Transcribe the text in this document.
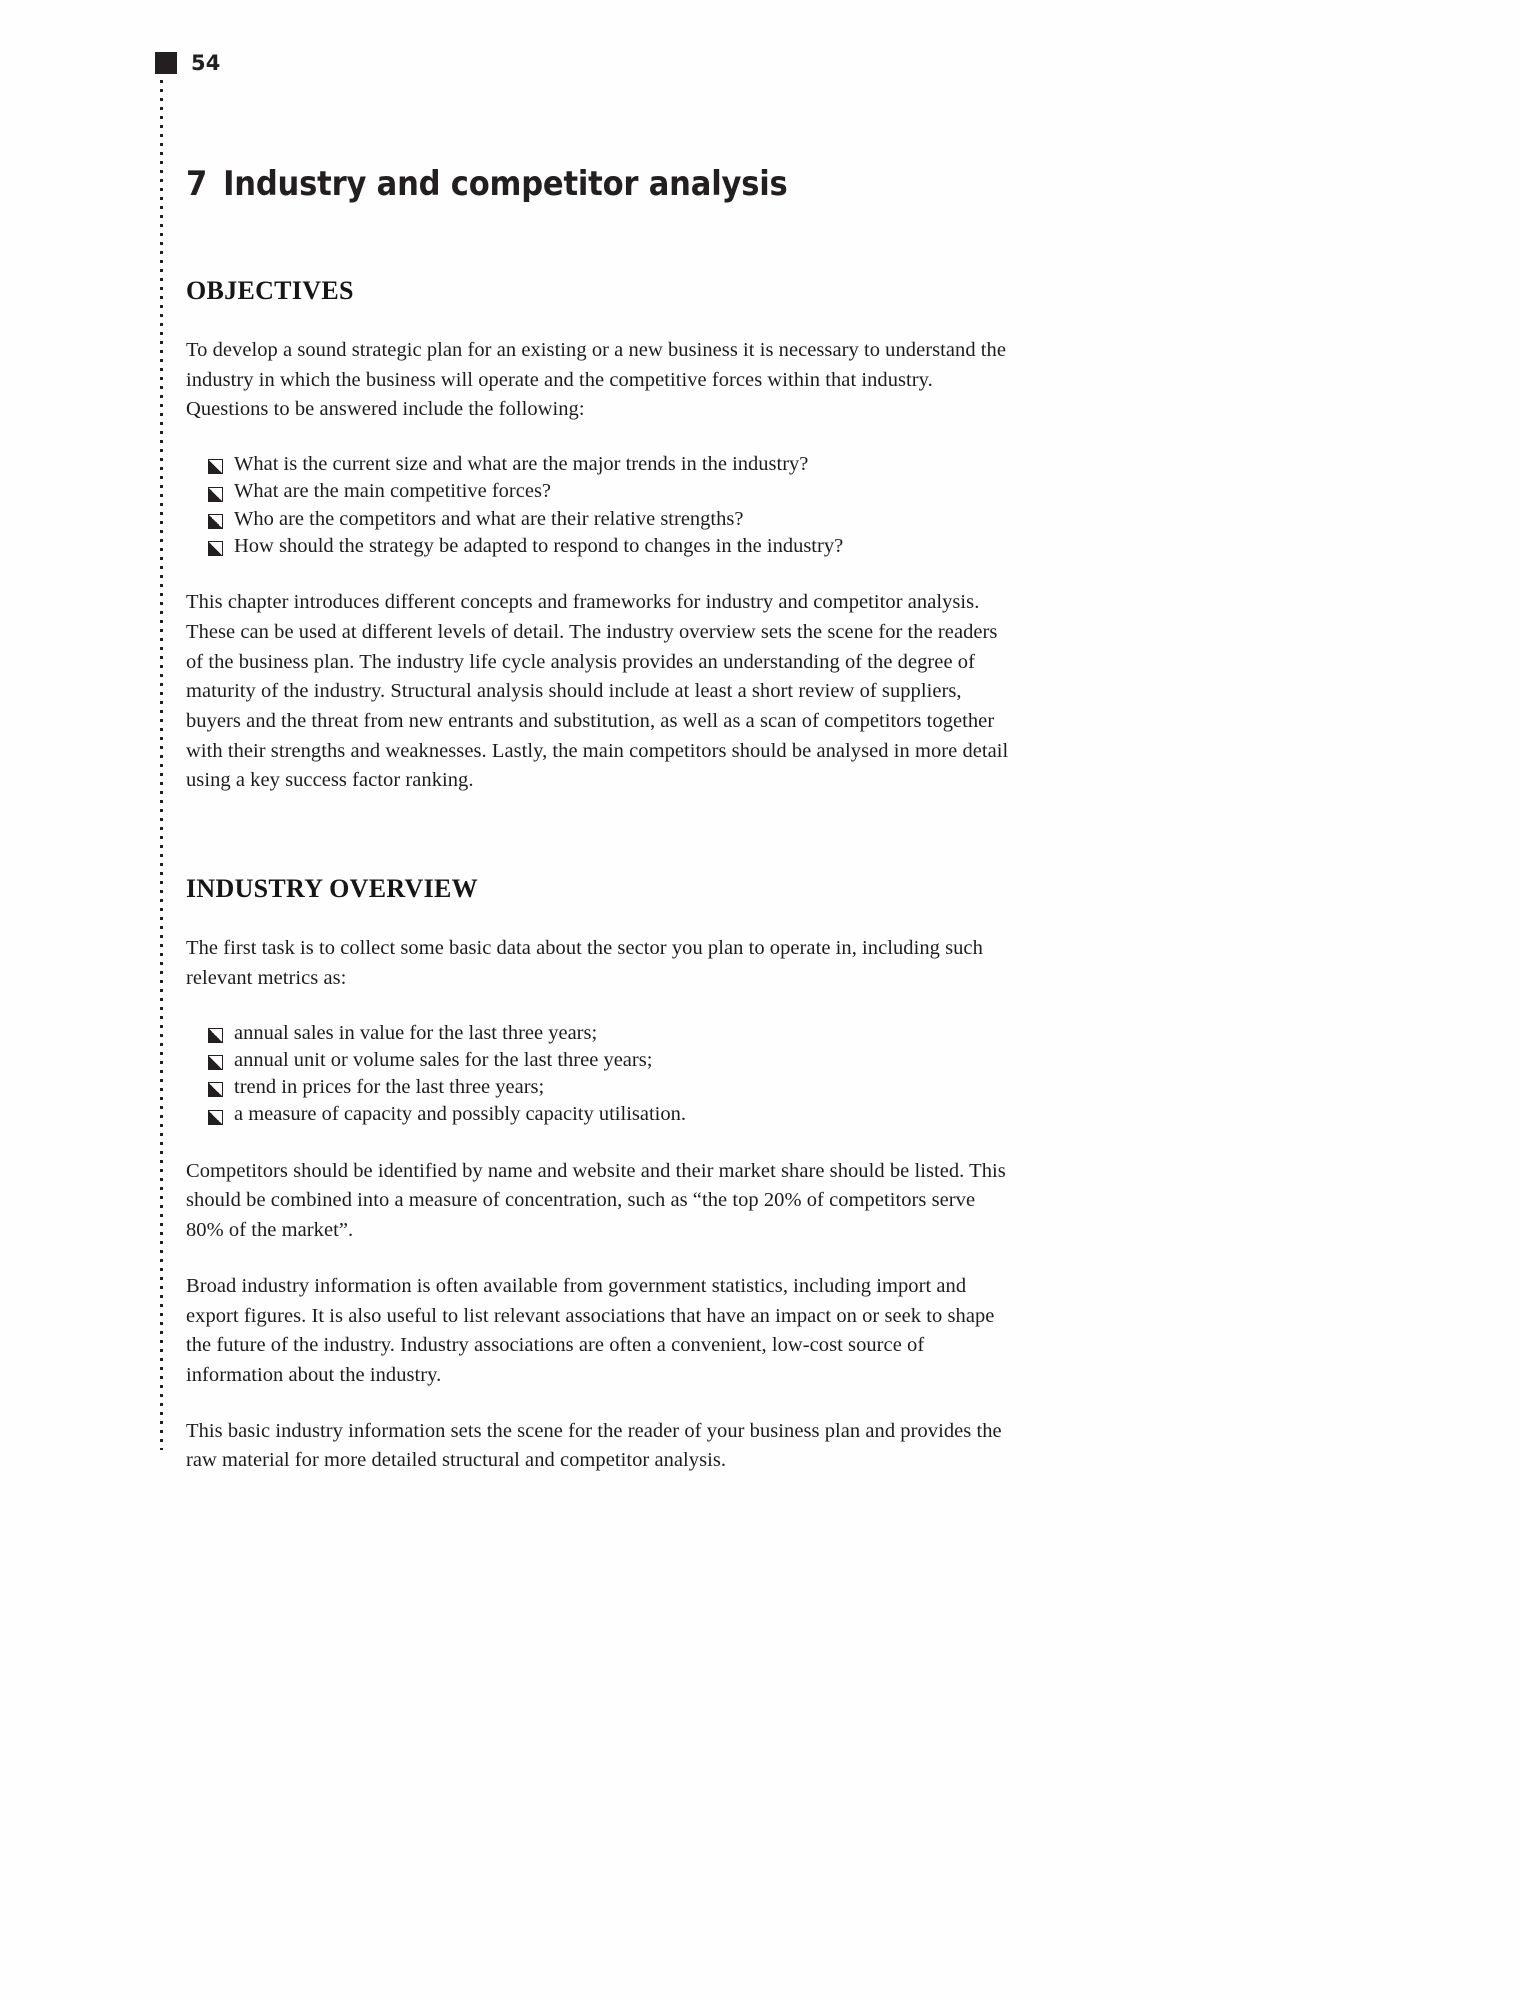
54
7 Industry and competitor analysis
OBJECTIVES

To develop a sound strategic plan for an existing or a new business it is necessary to understand the industry in which the business will operate and the competitive forces within that industry. Questions to be answered include the following:

What is the current size and what are the major trends in the industry?
What are the main competitive forces?
Who are the competitors and what are their relative strengths?
How should the strategy be adapted to respond to changes in the industry?

This chapter introduces different concepts and frameworks for industry and competitor analysis. These can be used at different levels of detail. The industry overview sets the scene for the readers of the business plan. The industry life cycle analysis provides an understanding of the degree of maturity of the industry. Structural analysis should include at least a short review of suppliers, buyers and the threat from new entrants and substitution, as well as a scan of competitors together with their strengths and weaknesses. Lastly, the main competitors should be analysed in more detail using a key success factor ranking.

INDUSTRY OVERVIEW

The first task is to collect some basic data about the sector you plan to operate in, including such relevant metrics as:

annual sales in value for the last three years;
annual unit or volume sales for the last three years;
trend in prices for the last three years;
a measure of capacity and possibly capacity utilisation.

Competitors should be identified by name and website and their market share should be listed. This should be combined into a measure of concentration, such as “the top 20% of competitors serve 80% of the market”.

Broad industry information is often available from government statistics, including import and export figures. It is also useful to list relevant associations that have an impact on or seek to shape the future of the industry. Industry associations are often a convenient, low-cost source of information about the industry.

This basic industry information sets the scene for the reader of your business plan and provides the raw material for more detailed structural and competitor analysis.
